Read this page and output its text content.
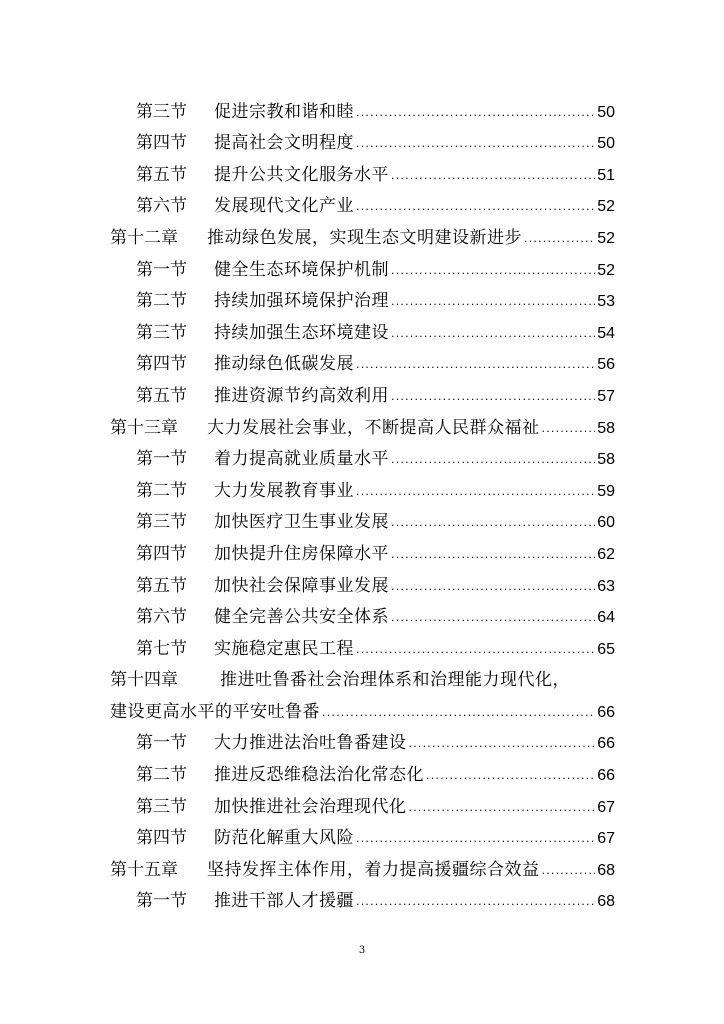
第三节 促进宗教和谐和睦 .....	50
第四节 提高社会文明程度 .....	50
第五节 提升公共文化服务水平 .....	51
第六节 发展现代文化产业 .....	52
第十二章 推动绿色发展，实现生态文明建设新进步 .....	52
第一节 健全生态环境保护机制 .....	52
第二节 持续加强环境保护治理 .....	53
第三节 持续加强生态环境建设 .....	54
第四节 推动绿色低碳发展 .....	56
第五节 推进资源节约高效利用 .....	57
第十三章 大力发展社会事业，不断提高人民群众福祉 .....	58
第一节 着力提高就业质量水平 .....	58
第二节 大力发展教育事业 .....	59
第三节 加快医疗卫生事业发展 .....	60
第四节 加快提升住房保障水平 .....	62
第五节 加快社会保障事业发展 .....	63
第六节 健全完善公共安全体系 .....	64
第七节 实施稳定惠民工程 .....	65
第十四章 推进吐鲁番社会治理体系和治理能力现代化，
建设更高水平的平安吐鲁番 .....	66
第一节 大力推进法治吐鲁番建设 .....	66
第二节 推进反恐维稳法治化常态化 .....	66
第三节 加快推进社会治理现代化 .....	67
第四节 防范化解重大风险 .....	67
第十五章 坚持发挥主体作用，着力提高援疆综合效益 .....	68
第一节 推进干部人才援疆 .....	68
3
